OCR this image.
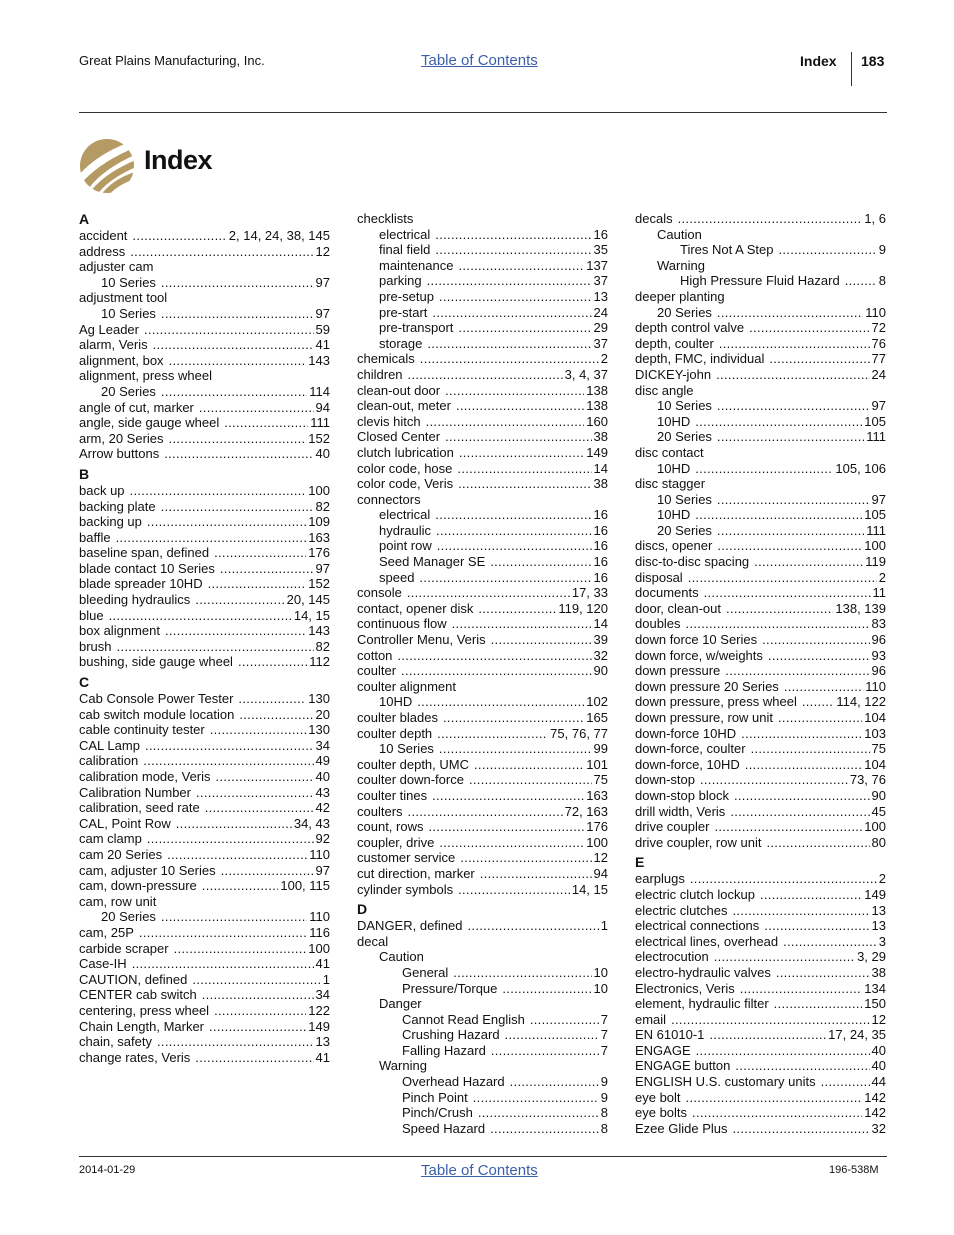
Great Plains Manufacturing, Inc.	Table of Contents	Index 183
Index
A
accident .....	2, 14, 24, 38, 145
address .....	12
adjuster cam
10 Series .....	97
adjustment tool
10 Series .....	97
Ag Leader .....	59
alarm, Veris .....	41
alignment, box .....	143
alignment, press wheel
20 Series .....	114
angle of cut, marker .....	94
angle, side gauge wheel .....	111
arm, 20 Series .....	152
Arrow buttons .....	40
B
back up .....	100
backing plate .....	82
backing up .....	109
baffle .....	163
baseline span, defined .....	176
blade contact 10 Series .....	97
blade spreader 10HD .....	152
bleeding hydraulics .....	20, 145
blue .....	14, 15
box alignment .....	143
brush .....	82
bushing, side gauge wheel .....	112
C
Cab Console Power Tester .....	130
cab switch module location .....	20
cable continuity tester .....	130
CAL Lamp .....	34
calibration .....	49
calibration mode, Veris .....	40
Calibration Number .....	43
calibration, seed rate .....	42
CAL, Point Row .....	34, 43
cam clamp .....	92
cam 20 Series .....	110
cam, adjuster 10 Series .....	97
cam, down-pressure .....	100, 115
cam, row unit
20 Series .....	110
cam, 25P .....	116
carbide scraper .....	100
Case-IH .....	41
CAUTION, defined .....	1
CENTER cab switch .....	34
centering, press wheel .....	122
Chain Length, Marker .....	149
chain, safety .....	13
change rates, Veris .....	41
checklists
electrical .....	16
final field .....	35
maintenance .....	137
parking .....	37
pre-setup .....	13
pre-start .....	24
pre-transport .....	29
storage .....	37
chemicals .....	2
children .....	3, 4, 37
clean-out door .....	138
clean-out, meter .....	138
clevis hitch .....	160
Closed Center .....	38
clutch lubrication .....	149
color code, hose .....	14
color code, Veris .....	38
connectors
electrical .....	16
hydraulic .....	16
point row .....	16
Seed Manager SE .....	16
speed .....	16
console .....	17, 33
contact, opener disk .....	119, 120
continuous flow .....	14
Controller Menu, Veris .....	39
cotton .....	32
coulter .....	90
coulter alignment
10HD .....	102
coulter blades .....	165
coulter depth .....	75, 76, 77
10 Series .....	99
coulter depth, UMC .....	101
coulter down-force .....	75
coulter tines .....	163
coulters .....	72, 163
count, rows .....	176
coupler, drive .....	100
customer service .....	12
cut direction, marker .....	94
cylinder symbols .....	14, 15
D
DANGER, defined .....	1
decal
Caution
General .....	10
Pressure/Torque .....	10
Danger
Cannot Read English .....	7
Crushing Hazard .....	7
Falling Hazard .....	7
Warning
Overhead Hazard .....	9
Pinch Point .....	9
Pinch/Crush .....	8
Speed Hazard .....	8
decals .....	1, 6
Caution
Tires Not A Step .....	9
Warning
High Pressure Fluid Hazard .....	8
deeper planting
20 Series .....	110
depth control valve .....	72
depth, coulter .....	76
depth, FMC, individual .....	77
DICKEY-john .....	24
disc angle
10 Series .....	97
10HD .....	105
20 Series .....	111
disc contact
10HD .....	105, 106
disc stagger
10 Series .....	97
10HD .....	105
20 Series .....	111
discs, opener .....	100
disc-to-disc spacing .....	119
disposal .....	2
documents .....	11
door, clean-out .....	138, 139
doubles .....	83
down force 10 Series .....	96
down force, w/weights .....	93
down pressure .....	96
down pressure 20 Series .....	110
down pressure, press wheel .....	114, 122
down pressure, row unit .....	104
down-force 10HD .....	103
down-force, coulter .....	75
down-force, 10HD .....	104
down-stop .....	73, 76
down-stop block .....	90
drill width, Veris .....	45
drive coupler .....	100
drive coupler, row unit .....	80
E
earplugs .....	2
electric clutch lockup .....	149
electric clutches .....	13
electrical connections .....	13
electrical lines, overhead .....	3
electrocution .....	3, 29
electro-hydraulic valves .....	38
Electronics, Veris .....	134
element, hydraulic filter .....	150
email .....	12
EN 61010-1 .....	17, 24, 35
ENGAGE .....	40
ENGAGE button .....	40
ENGLISH U.S. customary units .....	44
eye bolt .....	142
eye bolts .....	142
Ezee Glide Plus .....	32
2014-01-29	Table of Contents	196-538M
